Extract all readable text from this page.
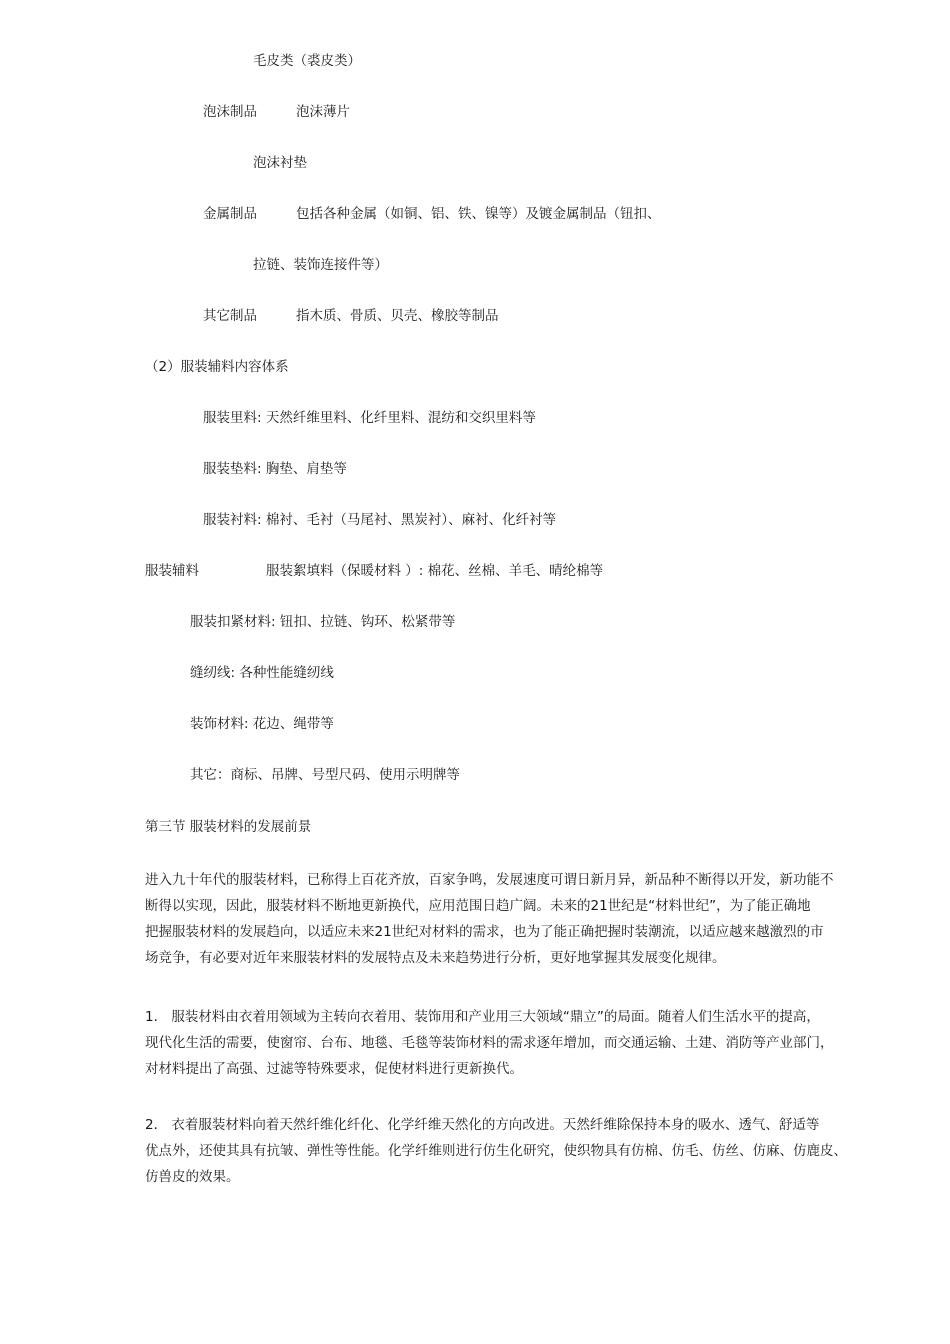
毛皮类（裘皮类）
泡沫制品	泡沫薄片
泡沫衬垫
金属制品	包括各种金属（如铜、铝、铁、镍等）及镀金属制品（钮扣、
拉链、装饰连接件等）
其它制品	指木质、骨质、贝壳、橡胶等制品
（2）服装辅料内容体系
服装里料: 天然纤维里料、化纤里料、混纺和交织里料等
服装垫料: 胸垫、肩垫等
服装衬料: 棉衬、毛衬（马尾衬、黑炭衬）、麻衬、化纤衬等
服装辅料	服装絮填料（保暖材料 ）: 棉花、丝棉、羊毛、晴纶棉等
服装扣紧材料: 钮扣、拉链、钩环、松紧带等
缝纫线: 各种性能缝纫线
装饰材料: 花边、绳带等
其它：商标、吊牌、号型尺码、使用示明牌等
第三节 服装材料的发展前景
进入九十年代的服装材料，已称得上百花齐放，百家争鸣，发展速度可谓日新月异，新品种不断得以开发，新功能不
断得以实现，因此，服装材料不断地更新换代，应用范围日趋广阔。未来的21世纪是“材料世纪”，为了能正确地
把握服装材料的发展趋向，以适应未来21世纪对材料的需求，也为了能正确把握时装潮流，以适应越来越激烈的市
场竞争，有必要对近年来服装材料的发展特点及未来趋势进行分析，更好地掌握其发展变化规律。
1． 服装材料由衣着用领域为主转向衣着用、装饰用和产业用三大领域“鼎立”的局面。随着人们生活水平的提高，
现代化生活的需要，使窗帘、台布、地毯、毛毯等装饰材料的需求逐年增加，而交通运输、土建、消防等产业部门，
对材料提出了高强、过滤等特殊要求，促使材料进行更新换代。
2． 衣着服装材料向着天然纤维化纤化、化学纤维天然化的方向改进。天然纤维除保持本身的吸水、透气、舒适等
优点外，还使其具有抗皱、弹性等性能。化学纤维则进行仿生化研究，使织物具有仿棉、仿毛、仿丝、仿麻、仿鹿皮、
仿兽皮的效果。
